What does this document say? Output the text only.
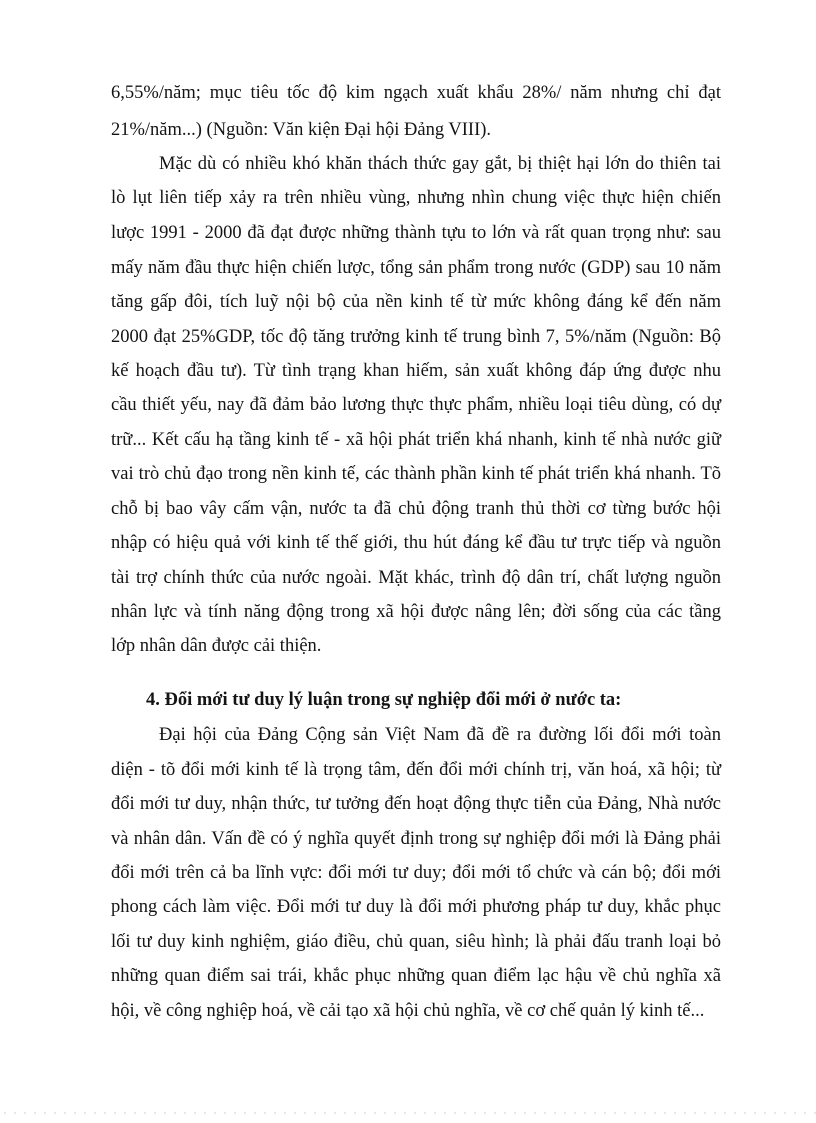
6,55%/năm; mục tiêu tốc độ kim ngạch xuất khẩu 28%/ năm nhưng chỉ đạt
21%/năm...) (Nguồn: Văn kiện Đại hội Đảng VIII).
Mặc dù có nhiều khó khăn thách thức gay gắt, bị thiệt hại lớn do thiên tai
lò lụt liên tiếp xảy ra trên nhiều vùng, nhưng nhìn chung việc thực hiện chiến
lược 1991 - 2000 đã đạt được những thành tựu to lớn và rất quan trọng như: sau
mấy năm đầu thực hiện chiến lược, tổng sản phẩm trong nước (GDP) sau 10 năm
tăng gấp đôi, tích luỹ nội bộ của nền kinh tế từ mức không đáng kể đến năm
2000 đạt 25%GDP, tốc độ tăng trưởng kinh tế trung bình 7, 5%/năm (Nguồn: Bộ
kế hoạch đầu tư). Từ tình trạng khan hiếm, sản xuất không đáp ứng được nhu
cầu thiết yếu, nay đã đảm bảo lương thực thực phẩm, nhiều loại tiêu dùng, có dự
trữ... Kết cấu hạ tầng kinh tế - xã hội phát triển khá nhanh, kinh tế nhà nước giữ
vai trò chủ đạo trong nền kinh tế, các thành phần kinh tế phát triển khá nhanh. Tõ
chỗ bị bao vây cấm vận, nước ta đã chủ động tranh thủ thời cơ từng bước hội
nhập có hiệu quả với kinh tế thế giới, thu hút đáng kể đầu tư trực tiếp và nguồn
tài trợ chính thức của nước ngoài. Mặt khác, trình độ dân trí, chất lượng nguồn
nhân lực và tính năng động trong xã hội được nâng lên; đời sống của các tầng
lớp nhân dân được cải thiện.
4. Đổi mới tư duy lý luận trong sự nghiệp đổi mới ở nước ta:
Đại hội của Đảng Cộng sản Việt Nam đã đề ra đường lối đổi mới toàn
diện - tõ đổi mới kinh tế là trọng tâm, đến đổi mới chính trị, văn hoá, xã hội; từ
đổi mới tư duy, nhận thức, tư tưởng đến hoạt động thực tiễn của Đảng, Nhà nước
và nhân dân. Vấn đề có ý nghĩa quyết định trong sự nghiệp đổi mới là Đảng phải
đổi mới trên cả ba lĩnh vực: đổi mới tư duy; đổi mới tổ chức và cán bộ; đổi mới
phong cách làm việc. Đổi mới tư duy là đổi mới phương pháp tư duy, khắc phục
lối tư duy kinh nghiệm, giáo điều, chủ quan, siêu hình; là phải đấu tranh loại bỏ
những quan điểm sai trái, khắc phục những quan điểm lạc hậu về chủ nghĩa xã
hội, về công nghiệp hoá, về cải tạo xã hội chủ nghĩa, về cơ chế quản lý kinh tế...
